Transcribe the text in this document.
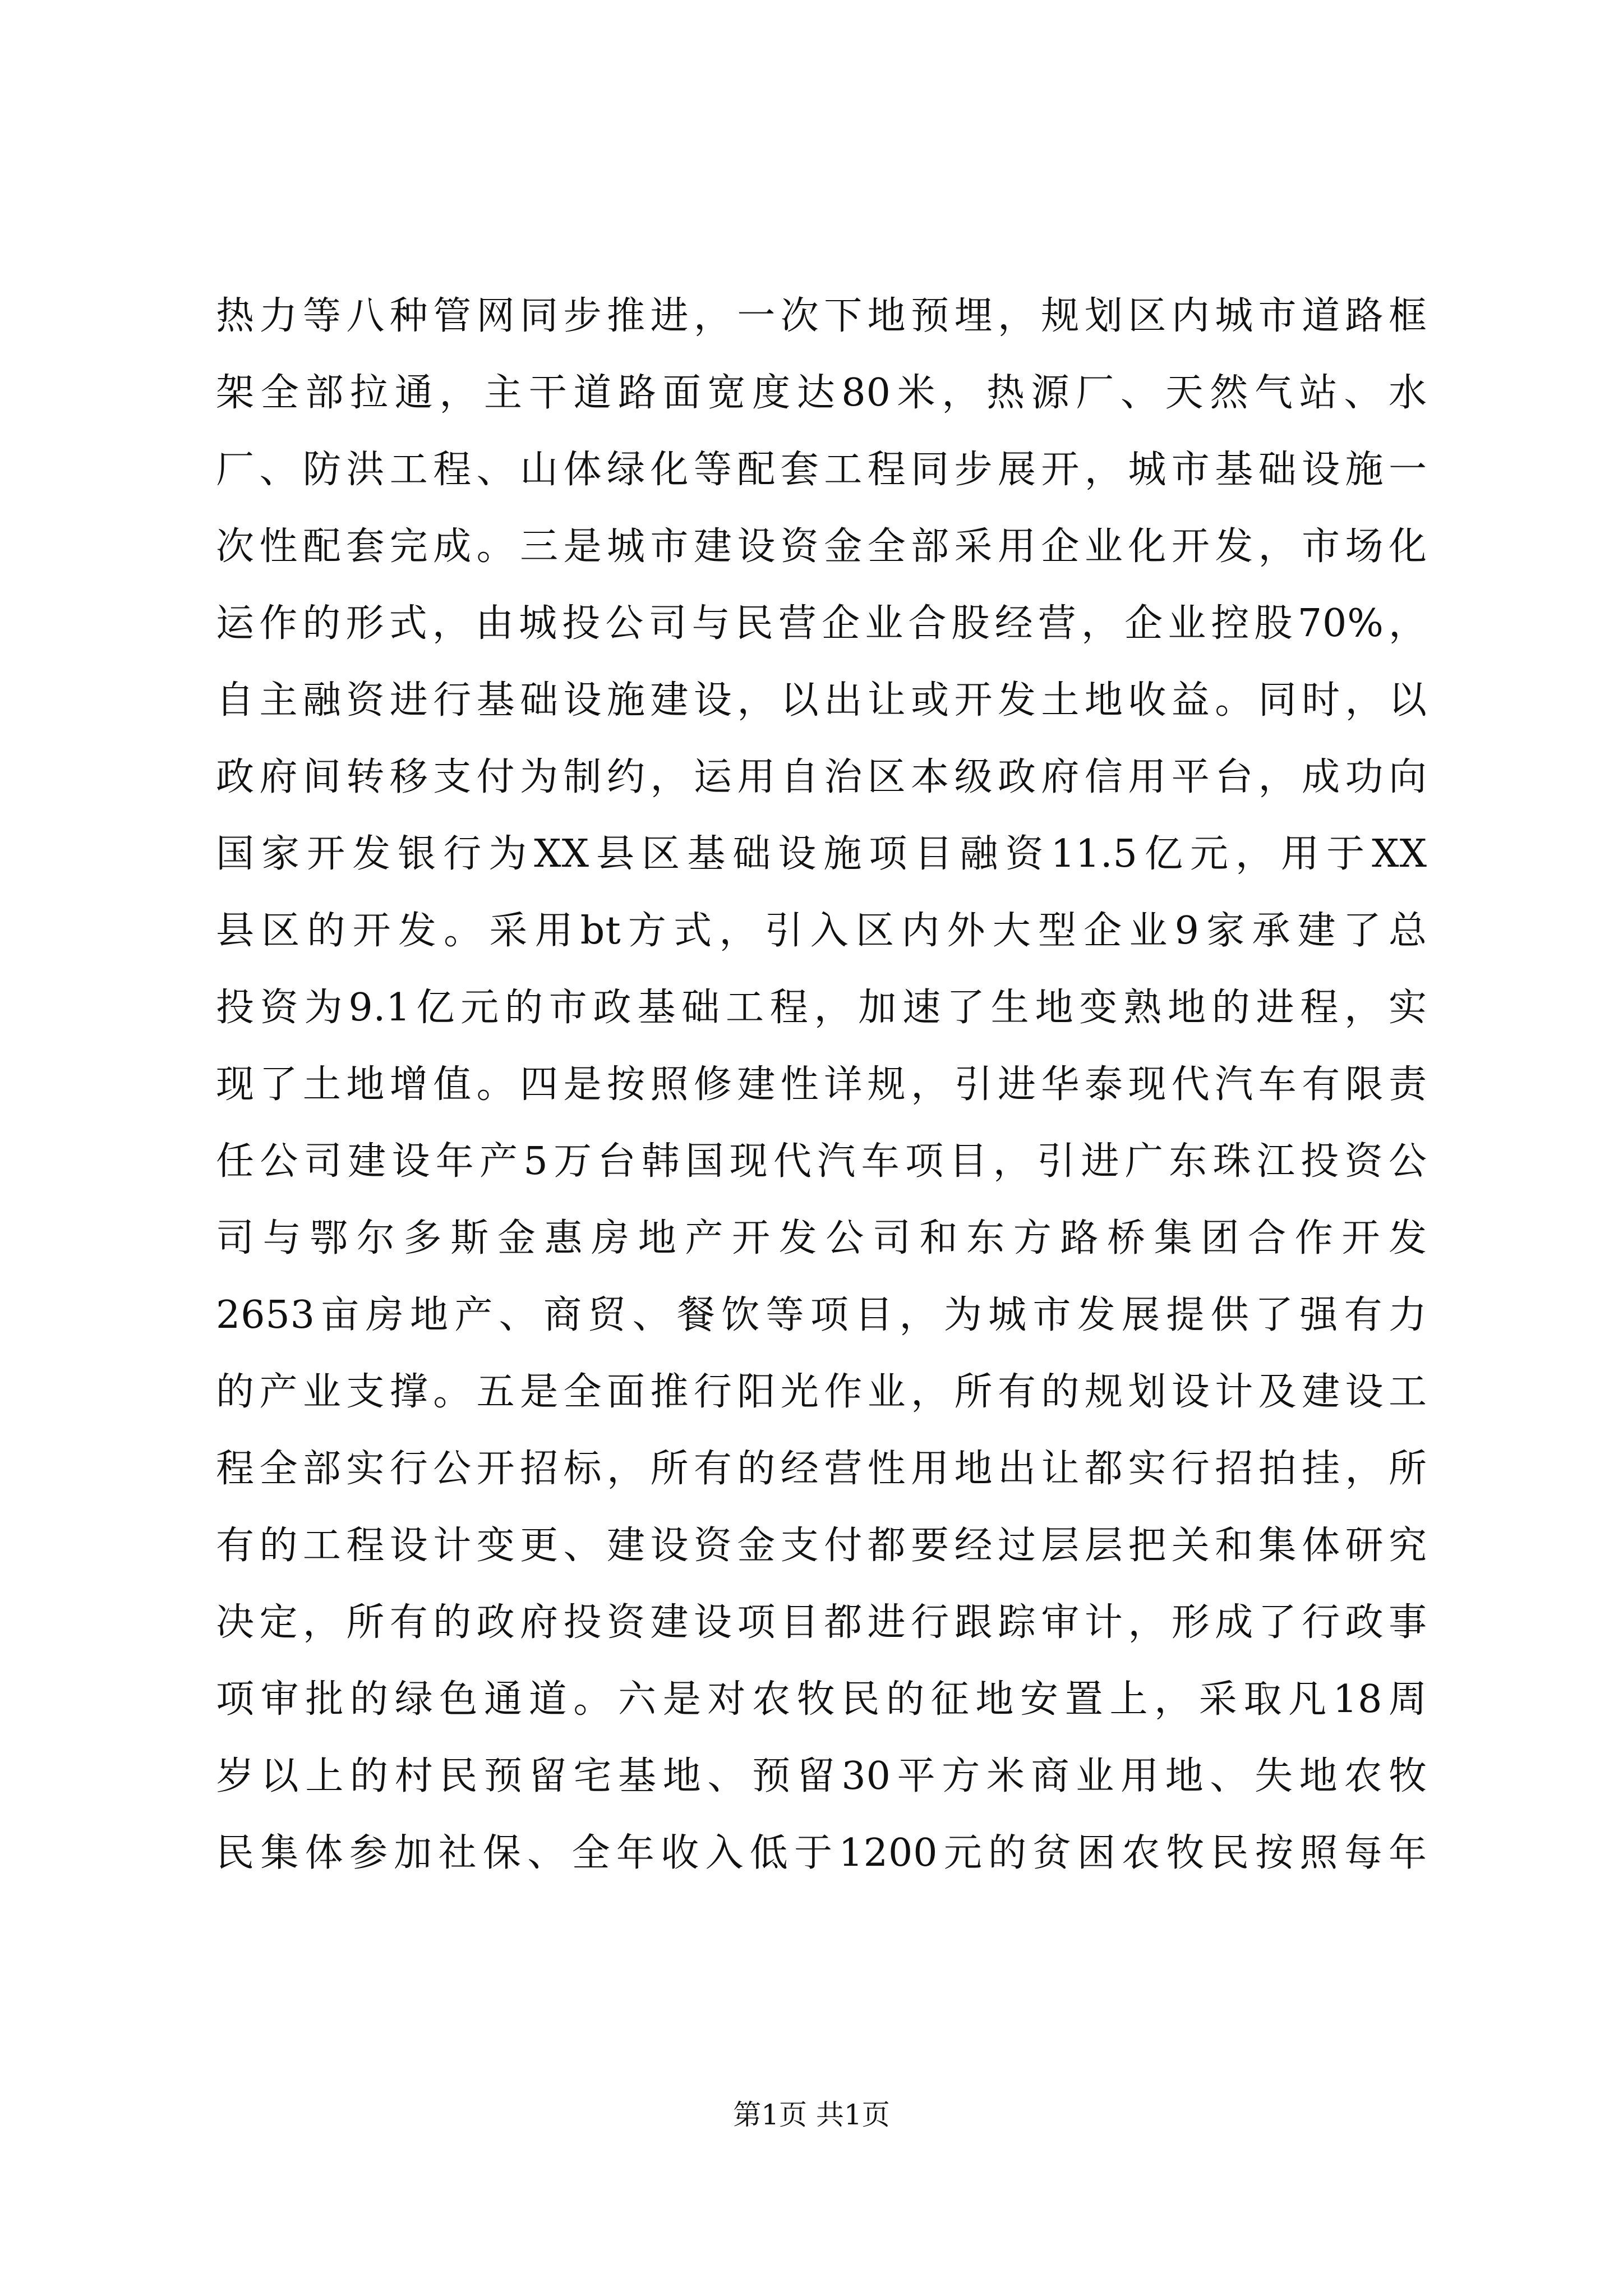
热力等八种管网同步推进，一次下地预埋，规划区内城市道路框
架全部拉通，主干道路面宽度达80米，热源厂、天然气站、水
厂、防洪工程、山体绿化等配套工程同步展开，城市基础设施一
次性配套完成。三是城市建设资金全部采用企业化开发，市场化
运作的形式，由城投公司与民营企业合股经营，企业控股70%，
自主融资进行基础设施建设，以出让或开发土地收益。同时，以
政府间转移支付为制约，运用自治区本级政府信用平台，成功向
国家开发银行为XX县区基础设施项目融资11.5亿元，用于XX
县区的开发。采用bt方式，引入区内外大型企业9家承建了总
投资为9.1亿元的市政基础工程，加速了生地变熟地的进程，实
现了土地增值。四是按照修建性详规，引进华泰现代汽车有限责
任公司建设年产5万台韩国现代汽车项目，引进广东珠江投资公
司与鄂尔多斯金惠房地产开发公司和东方路桥集团合作开发
2653亩房地产、商贸、餐饮等项目，为城市发展提供了强有力
的产业支撑。五是全面推行阳光作业，所有的规划设计及建设工
程全部实行公开招标，所有的经营性用地出让都实行招拍挂，所
有的工程设计变更、建设资金支付都要经过层层把关和集体研究
决定，所有的政府投资建设项目都进行跟踪审计，形成了行政事
项审批的绿色通道。六是对农牧民的征地安置上，采取凡18周
岁以上的村民预留宅基地、预留30平方米商业用地、失地农牧
民集体参加社保、全年收入低于1200元的贫困农牧民按照每年
第1页 共1页
